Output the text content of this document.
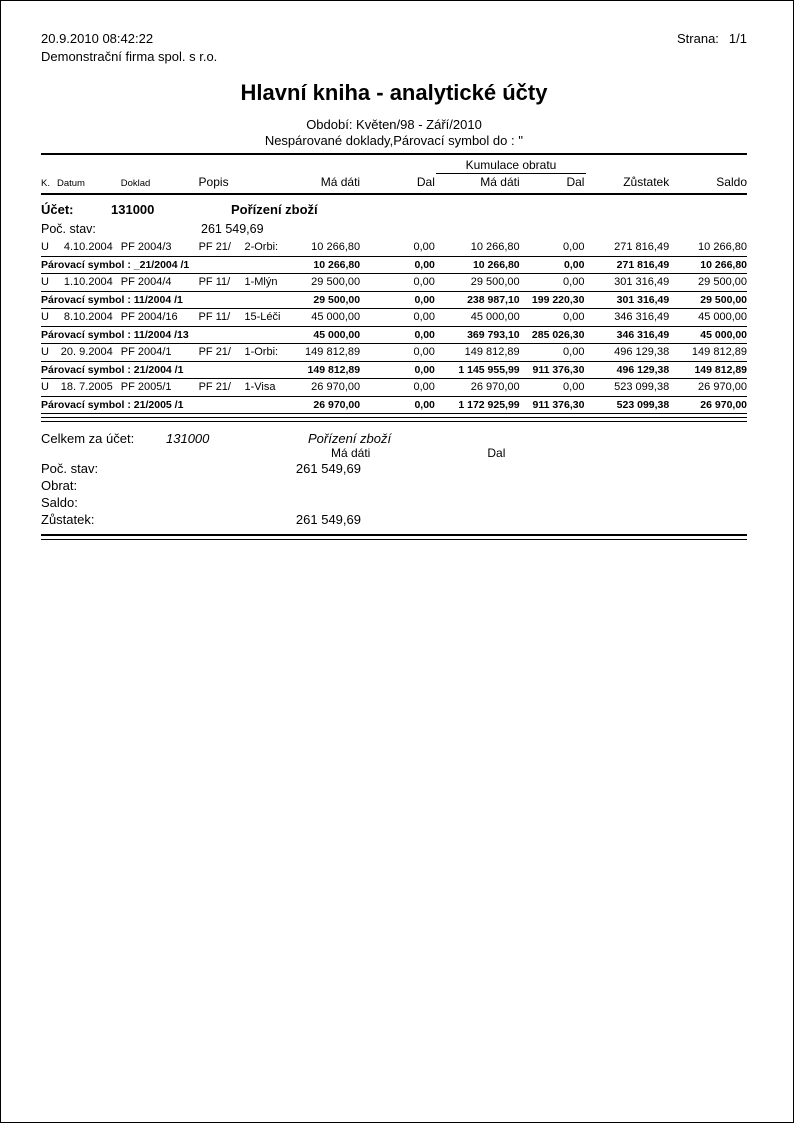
20.9.2010 08:42:22	Strana: 1/1
Demonstrační firma spol. s r.o.
Hlavní kniha - analytické účty
Období: Květen/98 - Září/2010
Nespárované doklady,Párovací symbol do : ''
Kumulace obratu
K. Datum	Doklad	Popis	Má dáti	Dal	Má dáti	Dal	Zůstatek	Saldo
Účet:	131000	Pořízení zboží
Poč. stav:	261 549,69
U	4.10.2004 PF 2004/3	PF 21/	2-Orbi:	10 266,80	0,00	10 266,80	0,00	271 816,49	10 266,80
Párovací symbol : _21/2004 /1	10 266,80	0,00	10 266,80	0,00	271 816,49	10 266,80
U	1.10.2004 PF 2004/4	PF 11/	1-Mlýn	29 500,00	0,00	29 500,00	0,00	301 316,49	29 500,00
Párovací symbol : 11/2004 /1	29 500,00	0,00	238 987,10	199 220,30	301 316,49	29 500,00
U	8.10.2004 PF 2004/16	PF 11/	15-Léči	45 000,00	0,00	45 000,00	0,00	346 316,49	45 000,00
Párovací symbol : 11/2004 /13	45 000,00	0,00	369 793,10	285 026,30	346 316,49	45 000,00
U	20. 9.2004 PF 2004/1	PF 21/	1-Orbi:	149 812,89	0,00	149 812,89	0,00	496 129,38	149 812,89
Párovací symbol : 21/2004 /1	149 812,89	0,00	1 145 955,99	911 376,30	496 129,38	149 812,89
U	18. 7.2005 PF 2005/1	PF 21/	1-Visa	26 970,00	0,00	26 970,00	0,00	523 099,38	26 970,00
Párovací symbol : 21/2005 /1	26 970,00	0,00	1 172 925,99	911 376,30	523 099,38	26 970,00
Celkem za účet:	131000	Pořízení zboží
Má dáti	Dal
Poč. stav:	261 549,69
Obrat:
Saldo:
Zůstatek:	261 549,69
